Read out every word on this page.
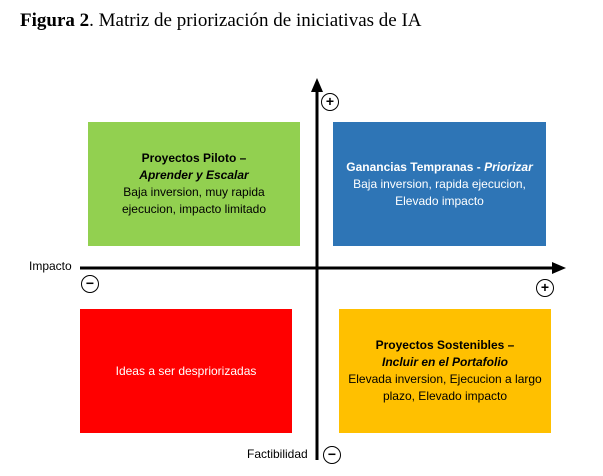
Figura 2. Matriz de priorización de iniciativas de IA
Proyectos Piloto –
Aprender y Escalar
Baja inversion, muy rapida
ejecucion, impacto limitado
Ganancias Tempranas - Priorizar
Baja inversion, rapida ejecucion,
Elevado impacto
Ideas a ser despriorizadas
Proyectos Sostenibles –
Incluir en el Portafolio
Elevada inversion, Ejecucion a largo
plazo, Elevado impacto
+
−	+
−
Impacto
Factibilidad
